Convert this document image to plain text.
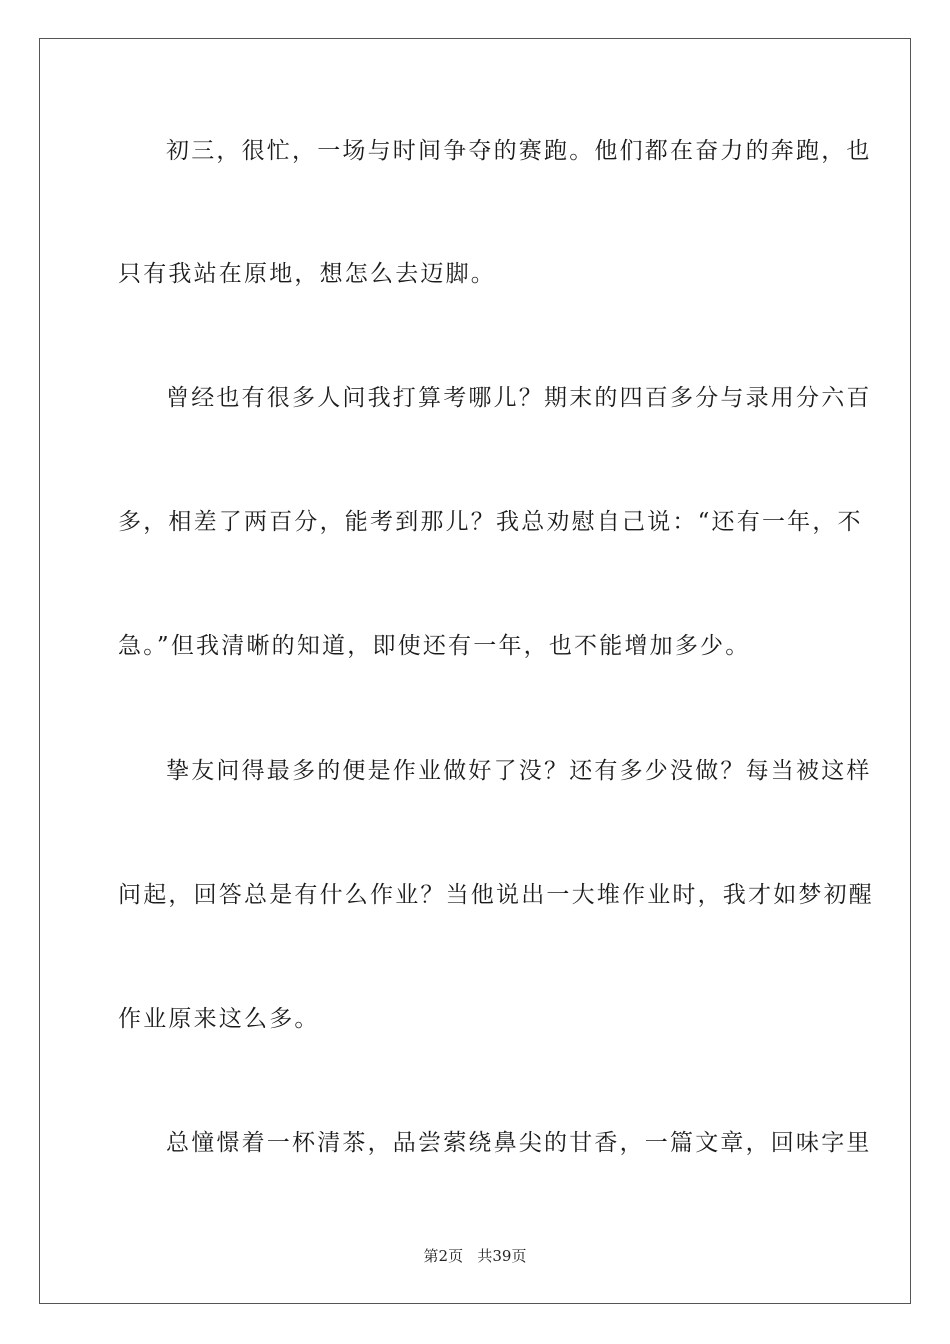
初三，很忙，一场与时间争夺的赛跑。他们都在奋力的奔跑，也
只有我站在原地，想怎么去迈脚。
曾经也有很多人问我打算考哪儿？期末的四百多分与录用分六百
多，相差了两百分，能考到那儿？我总劝慰自己说：“还有一年，不
急。”但我清晰的知道，即使还有一年，也不能增加多少。
挚友问得最多的便是作业做好了没？还有多少没做？每当被这样
问起，回答总是有什么作业？当他说出一大堆作业时，我才如梦初醒
作业原来这么多。
总憧憬着一杯清茶，品尝萦绕鼻尖的甘香，一篇文章，回味字里
第2页   共39页
